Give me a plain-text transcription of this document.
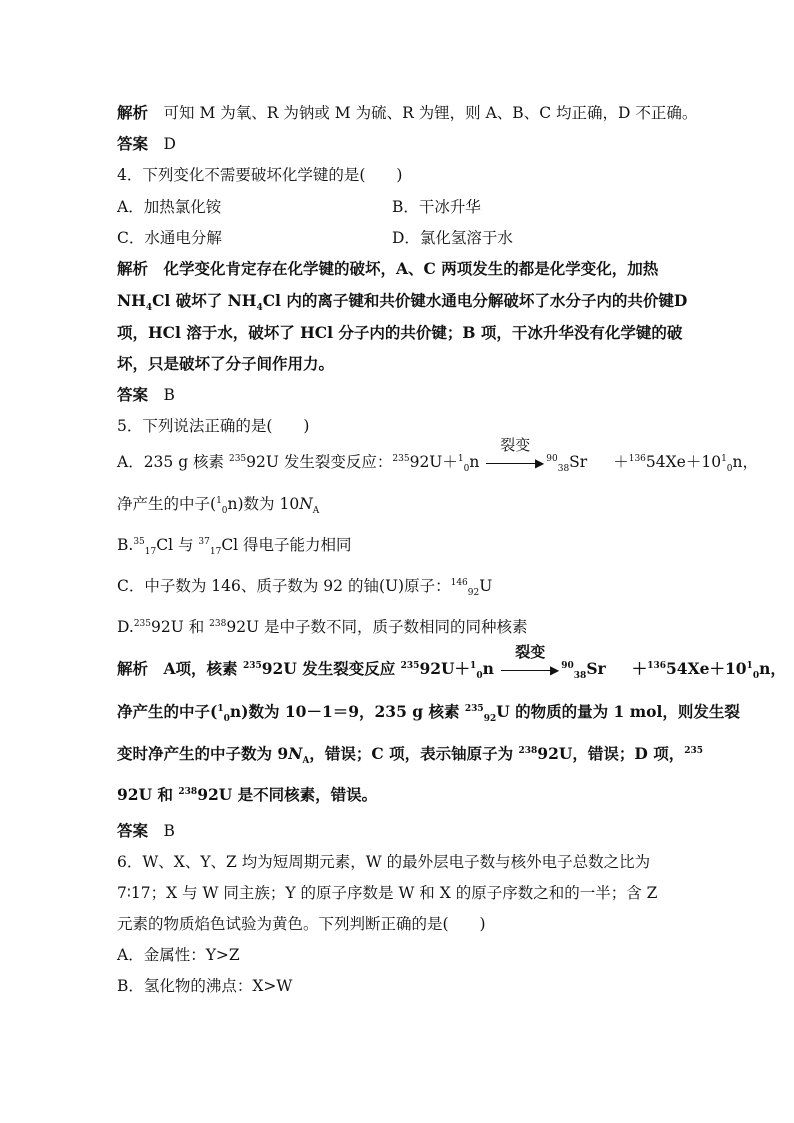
解析　 可知 M 为氧、R 为钠或 M 为硫、R 为锂，则 A、B、C 均正确，D 不正确。
答案　 D
4．下列变化不需要破坏化学键的是(　　)
A．加热氯化铵	B．干冰升华
C．水通电分解	D．氯化氢溶于水
解析　 化学变化肯定存在化学键的破坏，A、C 两项发生的都是化学变化，加热
$NH_4Cl$ 破坏了 $NH_4Cl$ 内的离子键和共价键水通电分解破坏了水分子内的共价键D
项，HCl 溶于水，破坏了 HCl 分子内的共价键；B 项，干冰升华没有化学键的破
坏，只是破坏了分子间作用力。
答案　 B
5．下列说法正确的是(　　)
A．235 g 核素 $^{235}$92U 发生裂变反应：$^{235}$92U＋$^1_0$n
裂变
▶ $^{90}_{38}Sr +^{136}54Xe+10^1_0n$，
净产生的中子($^1_0$n)数为 $10N_A$
B.$^{35}_{17}$Cl 与 $^{37}_{17}$Cl 得电子能力相同
C．中子数为 146、质子数为 92 的铀(U)原子：$^{146}_{92}$U
D.$^{235}$92U 和 $^{238}$92U 是中子数不同，质子数相同的同种核素
解析　 A项，核素 $^{235}$92U 发生裂变反应 $^{235}$92U＋$^1_0$n
裂变
▶ $^{90}_{38}Sr +^{136}54Xe+10^1_0n$，
净产生的中子($^1_0$n)数为 10－1＝9，235 g 核素 $^{235}_{92}$U 的物质的量为 1 mol，则发生裂
变时净产生的中子数为 $9N_A$，错误；C 项，表示铀原子为 $^{238}$92U，错误；D 项，$^{235}$
92U 和 $^{238}$92U 是不同核素，错误。
答案　 B
6．W、X、Y、Z 均为短周期元素，W 的最外层电子数与核外电子总数之比为
7∶17；X 与 W 同主族；Y 的原子序数是 W 和 X 的原子序数之和的一半；含 Z
元素的物质焰色试验为黄色。下列判断正确的是(　　)
A．金属性：Y>Z
B．氢化物的沸点：X>W
